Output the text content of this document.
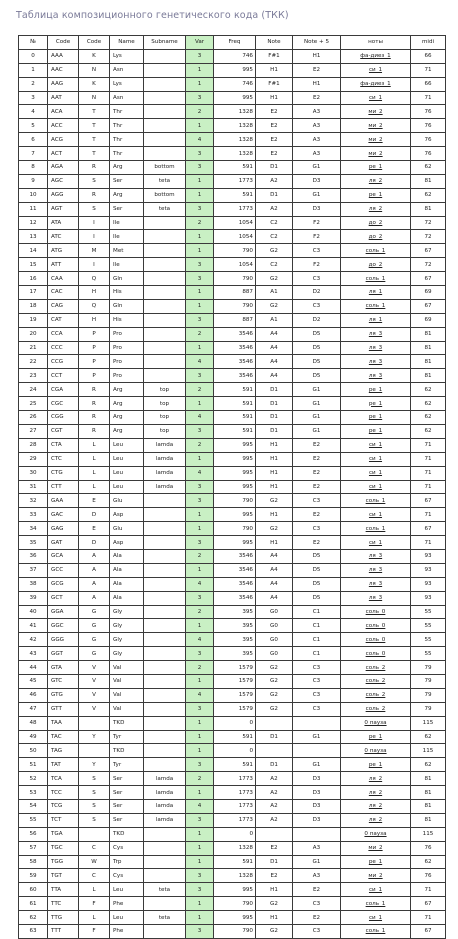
Таблица композиционного генетического кода (ТКК)
№	Code	Code	Name	Subname	Var	Freq	Note	Note + 5	ноты	midi
0	AAA	K	Lys		3	746	F#1	H1	фа-диез_1	66
1	AAC	N	Asn		1	995	H1	E2	си_1	71
2	AAG	K	Lys		1	746	F#1	H1	фа-диез_1	66
3	AAT	N	Asn		3	995	H1	E2	си_1	71
4	ACA	T	Thr		2	1328	E2	A3	ми_2	76
5	ACC	T	Thr		1	1328	E2	A3	ми_2	76
6	ACG	T	Thr		4	1328	E2	A3	ми_2	76
7	ACT	T	Thr		3	1328	E2	A3	ми_2	76
8	AGA	R	Arg	bottom	3	591	D1	G1	ре_1	62
9	AGC	S	Ser	teta	1	1773	A2	D3	ля_2	81
10	AGG	R	Arg	bottom	1	591	D1	G1	ре_1	62
11	AGT	S	Ser	teta	3	1773	A2	D3	ля_2	81
12	ATA	I	Ile		2	1054	C2	F2	до_2	72
13	ATC	I	Ile		1	1054	C2	F2	до_2	72
14	ATG	M	Met		1	790	G2	C3	соль_1	67
15	ATT	I	Ile		3	1054	C2	F2	до_2	72
16	CAA	Q	Gln		3	790	G2	C3	соль_1	67
17	CAC	H	His		1	887	A1	D2	ля_1	69
18	CAG	Q	Gln		1	790	G2	C3	соль_1	67
19	CAT	H	His		3	887	A1	D2	ля_1	69
20	CCA	P	Pro		2	3546	A4	D5	ля_3	81
21	CCC	P	Pro		1	3546	A4	D5	ля_3	81
22	CCG	P	Pro		4	3546	A4	D5	ля_3	81
23	CCT	P	Pro		3	3546	A4	D5	ля_3	81
24	CGA	R	Arg	top	2	591	D1	G1	ре_1	62
25	CGC	R	Arg	top	1	591	D1	G1	ре_1	62
26	CGG	R	Arg	top	4	591	D1	G1	ре_1	62
27	CGT	R	Arg	top	3	591	D1	G1	ре_1	62
28	CTA	L	Leu	lamda	2	995	H1	E2	си_1	71
29	CTC	L	Leu	lamda	1	995	H1	E2	си_1	71
30	CTG	L	Leu	lamda	4	995	H1	E2	си_1	71
31	CTT	L	Leu	lamda	3	995	H1	E2	си_1	71
32	GAA	E	Glu		3	790	G2	C3	соль_1	67
33	GAC	D	Asp		1	995	H1	E2	си_1	71
34	GAG	E	Glu		1	790	G2	C3	соль_1	67
35	GAT	D	Asp		3	995	H1	E2	си_1	71
36	GCA	A	Ala		2	3546	A4	D5	ля_3	93
37	GCC	A	Ala		1	3546	A4	D5	ля_3	93
38	GCG	A	Ala		4	3546	A4	D5	ля_3	93
39	GCT	A	Ala		3	3546	A4	D5	ля_3	93
40	GGA	G	Gly		2	395	G0	C1	соль_0	55
41	GGC	G	Gly		1	395	G0	C1	соль_0	55
42	GGG	G	Gly		4	395	G0	C1	соль_0	55
43	GGT	G	Gly		3	395	G0	C1	соль_0	55
44	GTA	V	Val		2	1579	G2	C3	соль_2	79
45	GTC	V	Val		1	1579	G2	C3	соль_2	79
46	GTG	V	Val		4	1579	G2	C3	соль_2	79
47	GTT	V	Val		3	1579	G2	C3	соль_2	79
48	TAA		TKD		1	0			0 пауза	115
49	TAC	Y	Tyr		1	591	D1	G1	ре_1	62
50	TAG		TKD		1	0			0 пауза	115
51	TAT	Y	Tyr		3	591	D1	G1	ре_1	62
52	TCA	S	Ser	lamda	2	1773	A2	D3	ля_2	81
53	TCC	S	Ser	lamda	1	1773	A2	D3	ля_2	81
54	TCG	S	Ser	lamda	4	1773	A2	D3	ля_2	81
55	TCT	S	Ser	lamda	3	1773	A2	D3	ля_2	81
56	TGA		TKD		1	0			0 пауза	115
57	TGC	C	Cys		1	1328	E2	A3	ми_2	76
58	TGG	W	Trp		1	591	D1	G1	ре_1	62
59	TGT	C	Cys		3	1328	E2	A3	ми_2	76
60	TTA	L	Leu	teta	3	995	H1	E2	си_1	71
61	TTC	F	Phe		1	790	G2	C3	соль_1	67
62	TTG	L	Leu	teta	1	995	H1	E2	си_1	71
63	TTT	F	Phe		3	790	G2	C3	соль_1	67
